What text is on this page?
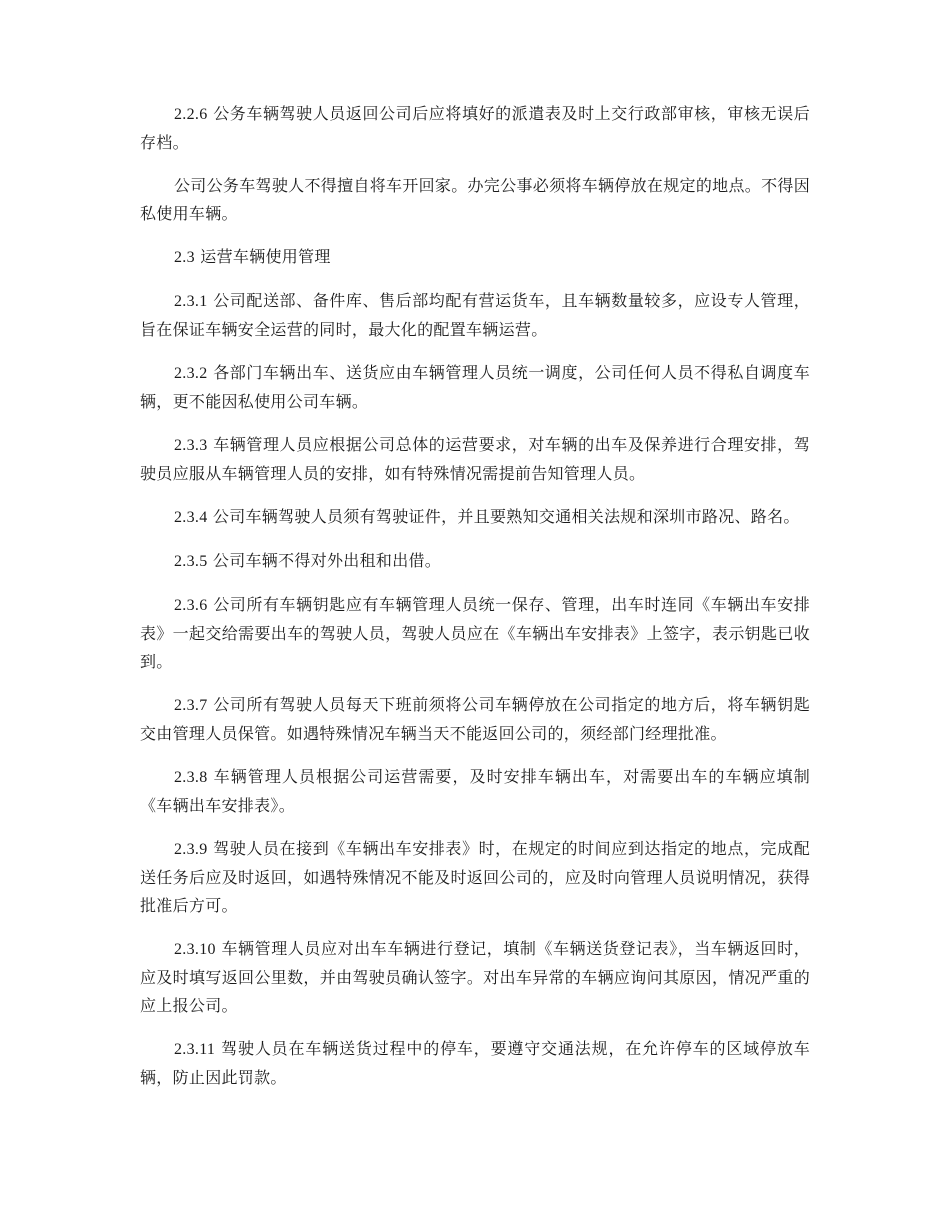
2.2.6 公务车辆驾驶人员返回公司后应将填好的派遣表及时上交行政部审核，审核无误后存档。

公司公务车驾驶人不得擅自将车开回家。办完公事必须将车辆停放在规定的地点。不得因私使用车辆。

2.3 运营车辆使用管理

2.3.1 公司配送部、备件库、售后部均配有营运货车，且车辆数量较多，应设专人管理，旨在保证车辆安全运营的同时，最大化的配置车辆运营。

2.3.2 各部门车辆出车、送货应由车辆管理人员统一调度，公司任何人员不得私自调度车辆，更不能因私使用公司车辆。

2.3.3 车辆管理人员应根据公司总体的运营要求，对车辆的出车及保养进行合理安排，驾驶员应服从车辆管理人员的安排，如有特殊情况需提前告知管理人员。

2.3.4 公司车辆驾驶人员须有驾驶证件，并且要熟知交通相关法规和深圳市路况、路名。

2.3.5 公司车辆不得对外出租和出借。

2.3.6 公司所有车辆钥匙应有车辆管理人员统一保存、管理，出车时连同《车辆出车安排表》一起交给需要出车的驾驶人员，驾驶人员应在《车辆出车安排表》上签字，表示钥匙已收到。

2.3.7 公司所有驾驶人员每天下班前须将公司车辆停放在公司指定的地方后，将车辆钥匙交由管理人员保管。如遇特殊情况车辆当天不能返回公司的，须经部门经理批准。

2.3.8 车辆管理人员根据公司运营需要，及时安排车辆出车，对需要出车的车辆应填制《车辆出车安排表》。

2.3.9 驾驶人员在接到《车辆出车安排表》时，在规定的时间应到达指定的地点，完成配送任务后应及时返回，如遇特殊情况不能及时返回公司的，应及时向管理人员说明情况，获得批准后方可。

2.3.10 车辆管理人员应对出车车辆进行登记，填制《车辆送货登记表》，当车辆返回时，应及时填写返回公里数，并由驾驶员确认签字。对出车异常的车辆应询问其原因，情况严重的应上报公司。

2.3.11 驾驶人员在车辆送货过程中的停车，要遵守交通法规，在允许停车的区域停放车辆，防止因此罚款。
